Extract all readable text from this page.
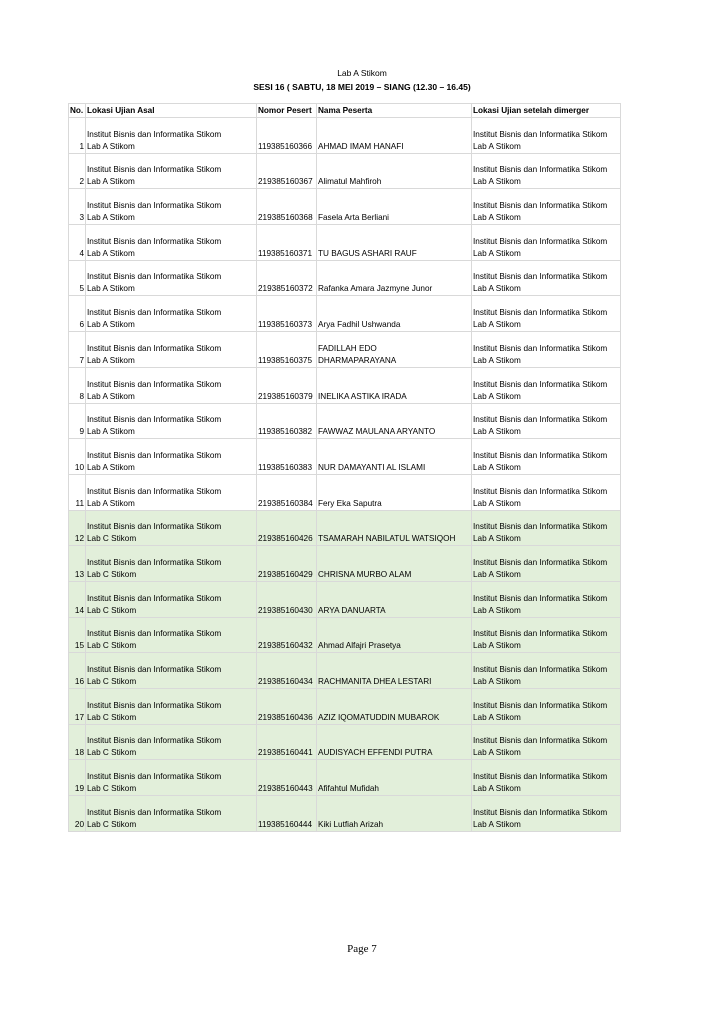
Lab A Stikom
SESI 16 ( SABTU, 18 MEI 2019 – SIANG (12.30 – 16.45)
No.	Lokasi Ujian Asal	Nomor Pesert	Nama Peserta	Lokasi Ujian setelah dimerger
1	Institut Bisnis dan Informatika Stikom
Lab A Stikom	119385160366	AHMAD IMAM HANAFI	Institut Bisnis dan Informatika Stikom
Lab A Stikom

2	Institut Bisnis dan Informatika Stikom
Lab A Stikom	219385160367	Alimatul Mahfiroh	Institut Bisnis dan Informatika Stikom
Lab A Stikom

3	Institut Bisnis dan Informatika Stikom
Lab A Stikom	219385160368	Fasela Arta Berliani	Institut Bisnis dan Informatika Stikom
Lab A Stikom

4	Institut Bisnis dan Informatika Stikom
Lab A Stikom	119385160371	TU BAGUS ASHARI RAUF	Institut Bisnis dan Informatika Stikom
Lab A Stikom

5	Institut Bisnis dan Informatika Stikom
Lab A Stikom	219385160372	Rafanka Amara Jazmyne Junor	Institut Bisnis dan Informatika Stikom
Lab A Stikom

6	Institut Bisnis dan Informatika Stikom
Lab A Stikom	119385160373	Arya Fadhil Ushwanda	Institut Bisnis dan Informatika Stikom
Lab A Stikom

7	Institut Bisnis dan Informatika Stikom
Lab A Stikom	119385160375	FADILLAH EDO
DHARMAPARAYANA	Institut Bisnis dan Informatika Stikom
Lab A Stikom

8	Institut Bisnis dan Informatika Stikom
Lab A Stikom	219385160379	INELIKA ASTIKA IRADA	Institut Bisnis dan Informatika Stikom
Lab A Stikom

9	Institut Bisnis dan Informatika Stikom
Lab A Stikom	119385160382	FAWWAZ MAULANA ARYANTO	Institut Bisnis dan Informatika Stikom
Lab A Stikom

10	Institut Bisnis dan Informatika Stikom
Lab A Stikom	119385160383	NUR DAMAYANTI AL ISLAMI	Institut Bisnis dan Informatika Stikom
Lab A Stikom

11	Institut Bisnis dan Informatika Stikom
Lab A Stikom	219385160384	Fery Eka Saputra	Institut Bisnis dan Informatika Stikom
Lab A Stikom

12	Institut Bisnis dan Informatika Stikom
Lab C Stikom	219385160426	TSAMARAH NABILATUL WATSIQOH	Institut Bisnis dan Informatika Stikom
Lab A Stikom

13	Institut Bisnis dan Informatika Stikom
Lab C Stikom	219385160429	CHRISNA MURBO ALAM	Institut Bisnis dan Informatika Stikom
Lab A Stikom

14	Institut Bisnis dan Informatika Stikom
Lab C Stikom	219385160430	ARYA DANUARTA	Institut Bisnis dan Informatika Stikom
Lab A Stikom

15	Institut Bisnis dan Informatika Stikom
Lab C Stikom	219385160432	Ahmad Alfajri Prasetya	Institut Bisnis dan Informatika Stikom
Lab A Stikom

16	Institut Bisnis dan Informatika Stikom
Lab C Stikom	219385160434	RACHMANITA DHEA LESTARI	Institut Bisnis dan Informatika Stikom
Lab A Stikom

17	Institut Bisnis dan Informatika Stikom
Lab C Stikom	219385160436	AZIZ IQOMATUDDIN MUBAROK	Institut Bisnis dan Informatika Stikom
Lab A Stikom

18	Institut Bisnis dan Informatika Stikom
Lab C Stikom	219385160441	AUDISYACH EFFENDI PUTRA	Institut Bisnis dan Informatika Stikom
Lab A Stikom

19	Institut Bisnis dan Informatika Stikom
Lab C Stikom	219385160443	Afifahtul Mufidah	Institut Bisnis dan Informatika Stikom
Lab A Stikom

20	Institut Bisnis dan Informatika Stikom
Lab C Stikom	119385160444	Kiki Lutfiah Arizah	Institut Bisnis dan Informatika Stikom
Lab A Stikom
Page 7
